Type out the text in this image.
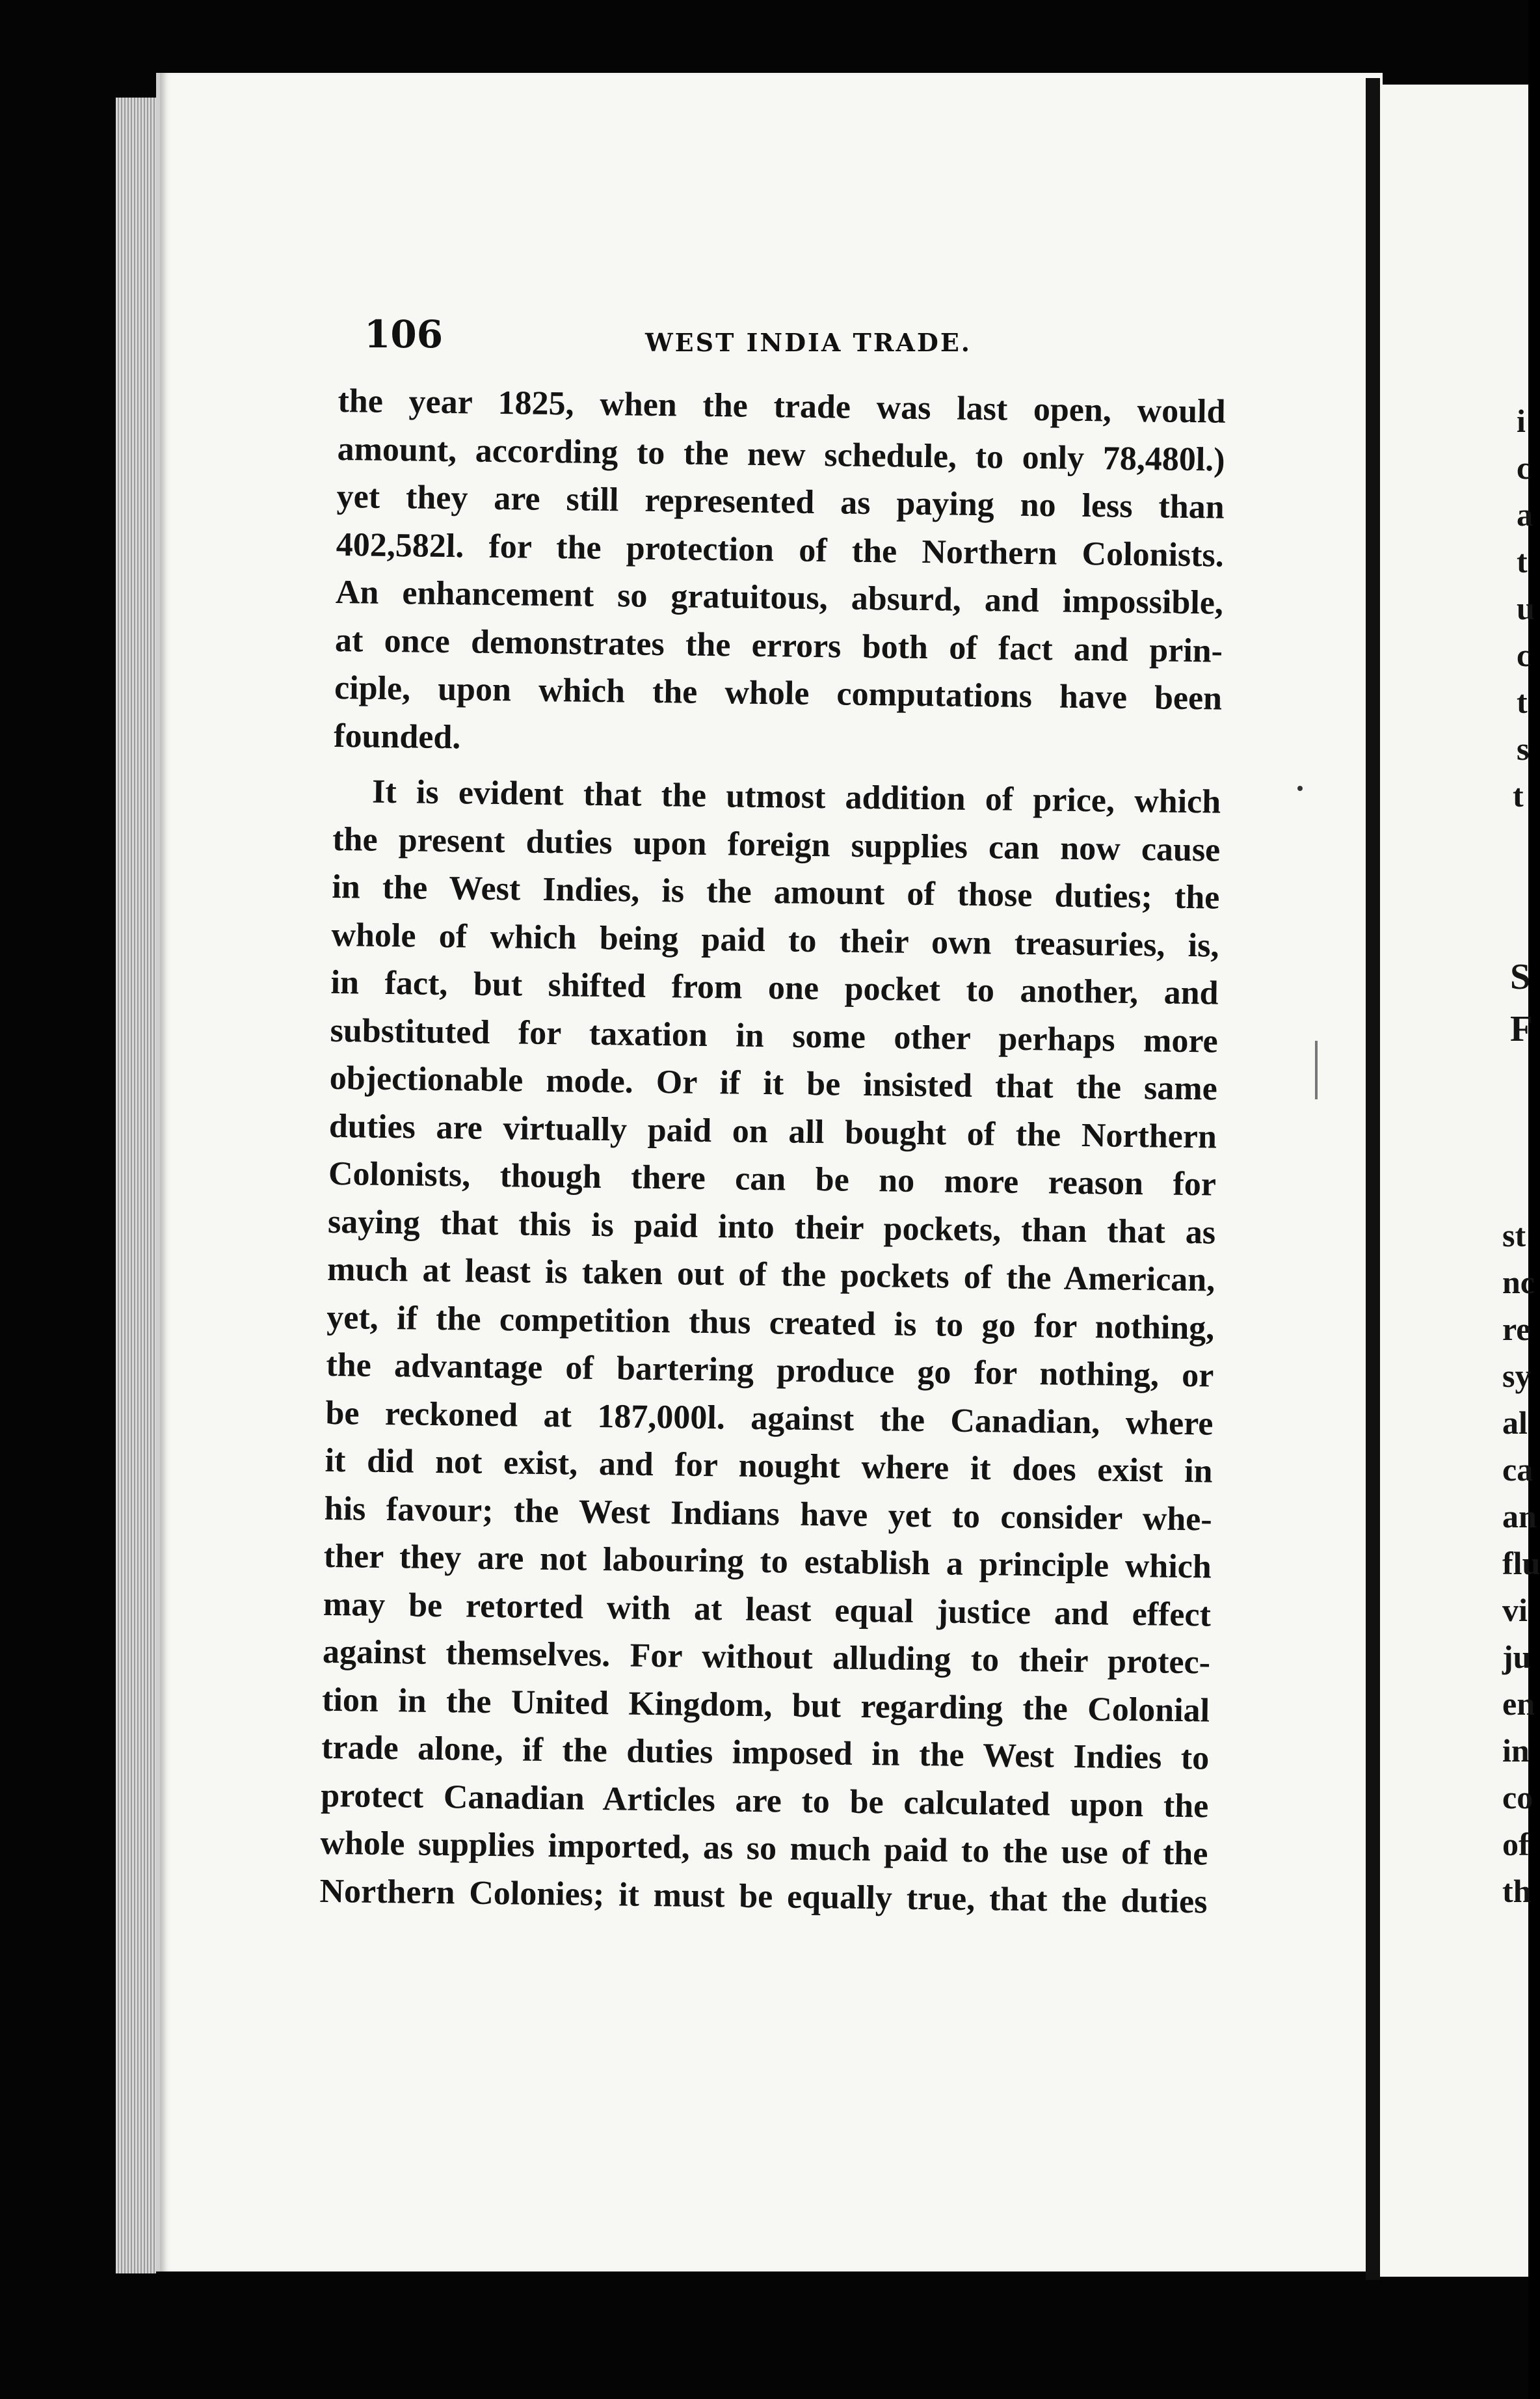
106	WEST INDIA TRADE.
the year 1825, when the trade was last open, would
amount, according to the new schedule, to only 78,480l.)
yet they are still represented as paying no less than
402,582l. for the protection of the Northern Colonists.
An enhancement so gratuitous, absurd, and impossible,
at once demonstrates the errors both of fact and prin-
ciple, upon which the whole computations have been
founded.
It is evident that the utmost addition of price, which
the present duties upon foreign supplies can now cause
in the West Indies, is the amount of those duties; the
whole of which being paid to their own treasuries, is,
in fact, but shifted from one pocket to another, and
substituted for taxation in some other perhaps more
objectionable mode. Or if it be insisted that the same
duties are virtually paid on all bought of the Northern
Colonists, though there can be no more reason for
saying that this is paid into their pockets, than that as
much at least is taken out of the pockets of the American,
yet, if the competition thus created is to go for nothing,
the advantage of bartering produce go for nothing, or
be reckoned at 187,000l. against the Canadian, where
it did not exist, and for nought where it does exist in
his favour; the West Indians have yet to consider whe-
ther they are not labouring to establish a principle which
may be retorted with at least equal justice and effect
against themselves. For without alluding to their protec-
tion in the United Kingdom, but regarding the Colonial
trade alone, if the duties imposed in the West Indies to
protect Canadian Articles are to be calculated upon the
whole supplies imported, as so much paid to the use of the
Northern Colonies; it must be equally true, that the duties
i
c
a
t
u
c
t
s
t
S
F
st
nc
re
sy
al
ca
an
flu
vi
ju
en
in
co
of
th
